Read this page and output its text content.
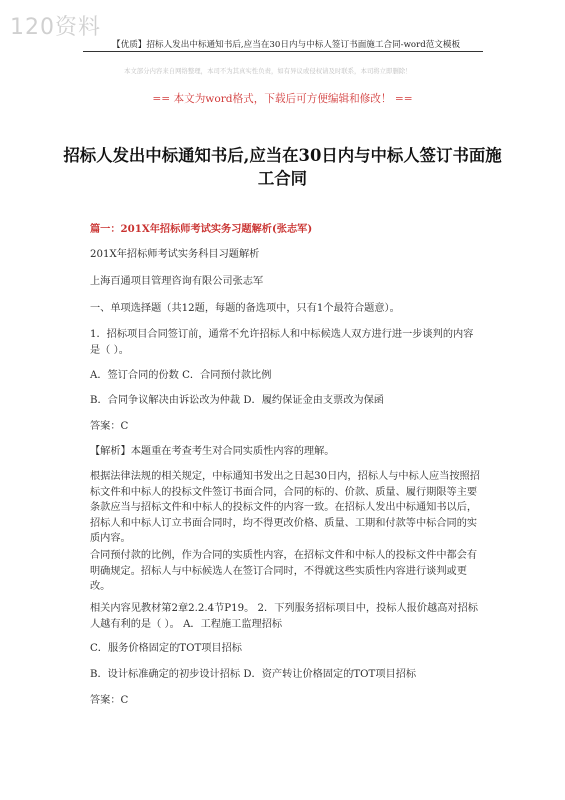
120资料
【优质】招标人发出中标通知书后,应当在30日内与中标人签订书面施工合同-word范文模板
本文部分内容来自网络整理，本司不为其真实性负责，如有异议或侵权请及时联系，本司将立即删除！
== 本文为word格式，下载后可方便编辑和修改！ ==
招标人发出中标通知书后,应当在30日内与中标人签订书面施工合同
篇一：201X年招标师考试实务习题解析(张志军)

201X年招标师考试实务科目习题解析

上海百通项目管理咨询有限公司张志军

一、单项选择题（共12题，每题的备选项中，只有1个最符合题意）。

1．招标项目合同签订前，通常不允许招标人和中标候选人双方进行进一步谈判的内容是（ ）。

A．签订合同的份数 C．合同预付款比例

B．合同争议解决由诉讼改为仲裁 D．履约保证金由支票改为保函

答案：C

【解析】本题重在考查考生对合同实质性内容的理解。

根据法律法规的相关规定，中标通知书发出之日起30日内，招标人与中标人应当按照招标文件和中标人的投标文件签订书面合同，合同的标的、价款、质量、履行期限等主要条款应当与招标文件和中标人的投标文件的内容一致。在招标人发出中标通知书以后，招标人和中标人订立书面合同时，均不得更改价格、质量、工期和付款等中标合同的实质内容。

合同预付款的比例，作为合同的实质性内容，在招标文件和中标人的投标文件中都会有明确规定。招标人与中标候选人在签订合同时，不得就这些实质性内容进行谈判或更改。

相关内容见教材第2章2.2.4节P19。 2．下列服务招标项目中，投标人报价越高对招标人越有利的是（ ）。 A．工程施工监理招标

C．服务价格固定的TOT项目招标

B．设计标准确定的初步设计招标 D．资产转让价格固定的TOT项目招标

答案：C
